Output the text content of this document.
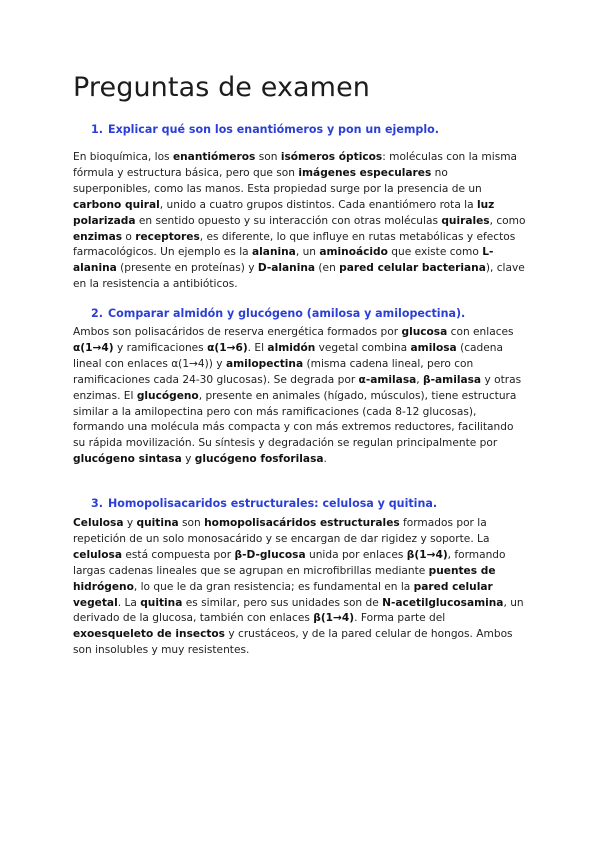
Preguntas de examen
1. Explicar qué son los enantiómeros y pon un ejemplo.

En bioquímica, los enantiómeros son isómeros ópticos: moléculas con la misma fórmula y estructura básica, pero que son imágenes especulares no superponibles, como las manos. Esta propiedad surge por la presencia de un carbono quiral, unido a cuatro grupos distintos. Cada enantiómero rota la luz polarizada en sentido opuesto y su interacción con otras moléculas quirales, como enzimas o receptores, es diferente, lo que influye en rutas metabólicas y efectos farmacológicos. Un ejemplo es la alanina, un aminoácido que existe como L-alanina (presente en proteínas) y D-alanina (en pared celular bacteriana), clave en la resistencia a antibióticos.

2. Comparar almidón y glucógeno (amilosa y amilopectina).

Ambos son polisacáridos de reserva energética formados por glucosa con enlaces α(1→4) y ramificaciones α(1→6). El almidón vegetal combina amilosa (cadena lineal con enlaces α(1→4)) y amilopectina (misma cadena lineal, pero con ramificaciones cada 24-30 glucosas). Se degrada por α-amilasa, β-amilasa y otras enzimas. El glucógeno, presente en animales (hígado, músculos), tiene estructura similar a la amilopectina pero con más ramificaciones (cada 8-12 glucosas), formando una molécula más compacta y con más extremos reductores, facilitando su rápida movilización. Su síntesis y degradación se regulan principalmente por glucógeno sintasa y glucógeno fosforilasa.

3. Homopolisacaridos estructurales: celulosa y quitina.

Celulosa y quitina son homopolisacáridos estructurales formados por la repetición de un solo monosacárido y se encargan de dar rigidez y soporte. La celulosa está compuesta por β-D-glucosa unida por enlaces β(1→4), formando largas cadenas lineales que se agrupan en microfibrillas mediante puentes de hidrógeno, lo que le da gran resistencia; es fundamental en la pared celular vegetal. La quitina es similar, pero sus unidades son de N-acetilglucosamina, un derivado de la glucosa, también con enlaces β(1→4). Forma parte del exoesqueleto de insectos y crustáceos, y de la pared celular de hongos. Ambos son insolubles y muy resistentes.
